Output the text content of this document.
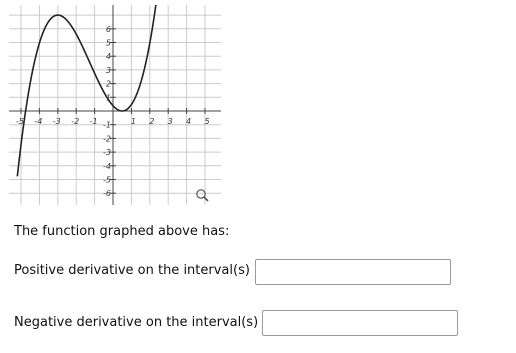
-5 -4 -3 -2 -1	1 2 3 4 5
6
5
4
3
2
1
-1
-2
-3
-4
-5
-6
The function graphed above has:
Positive derivative on the interval(s)
Negative derivative on the interval(s)
